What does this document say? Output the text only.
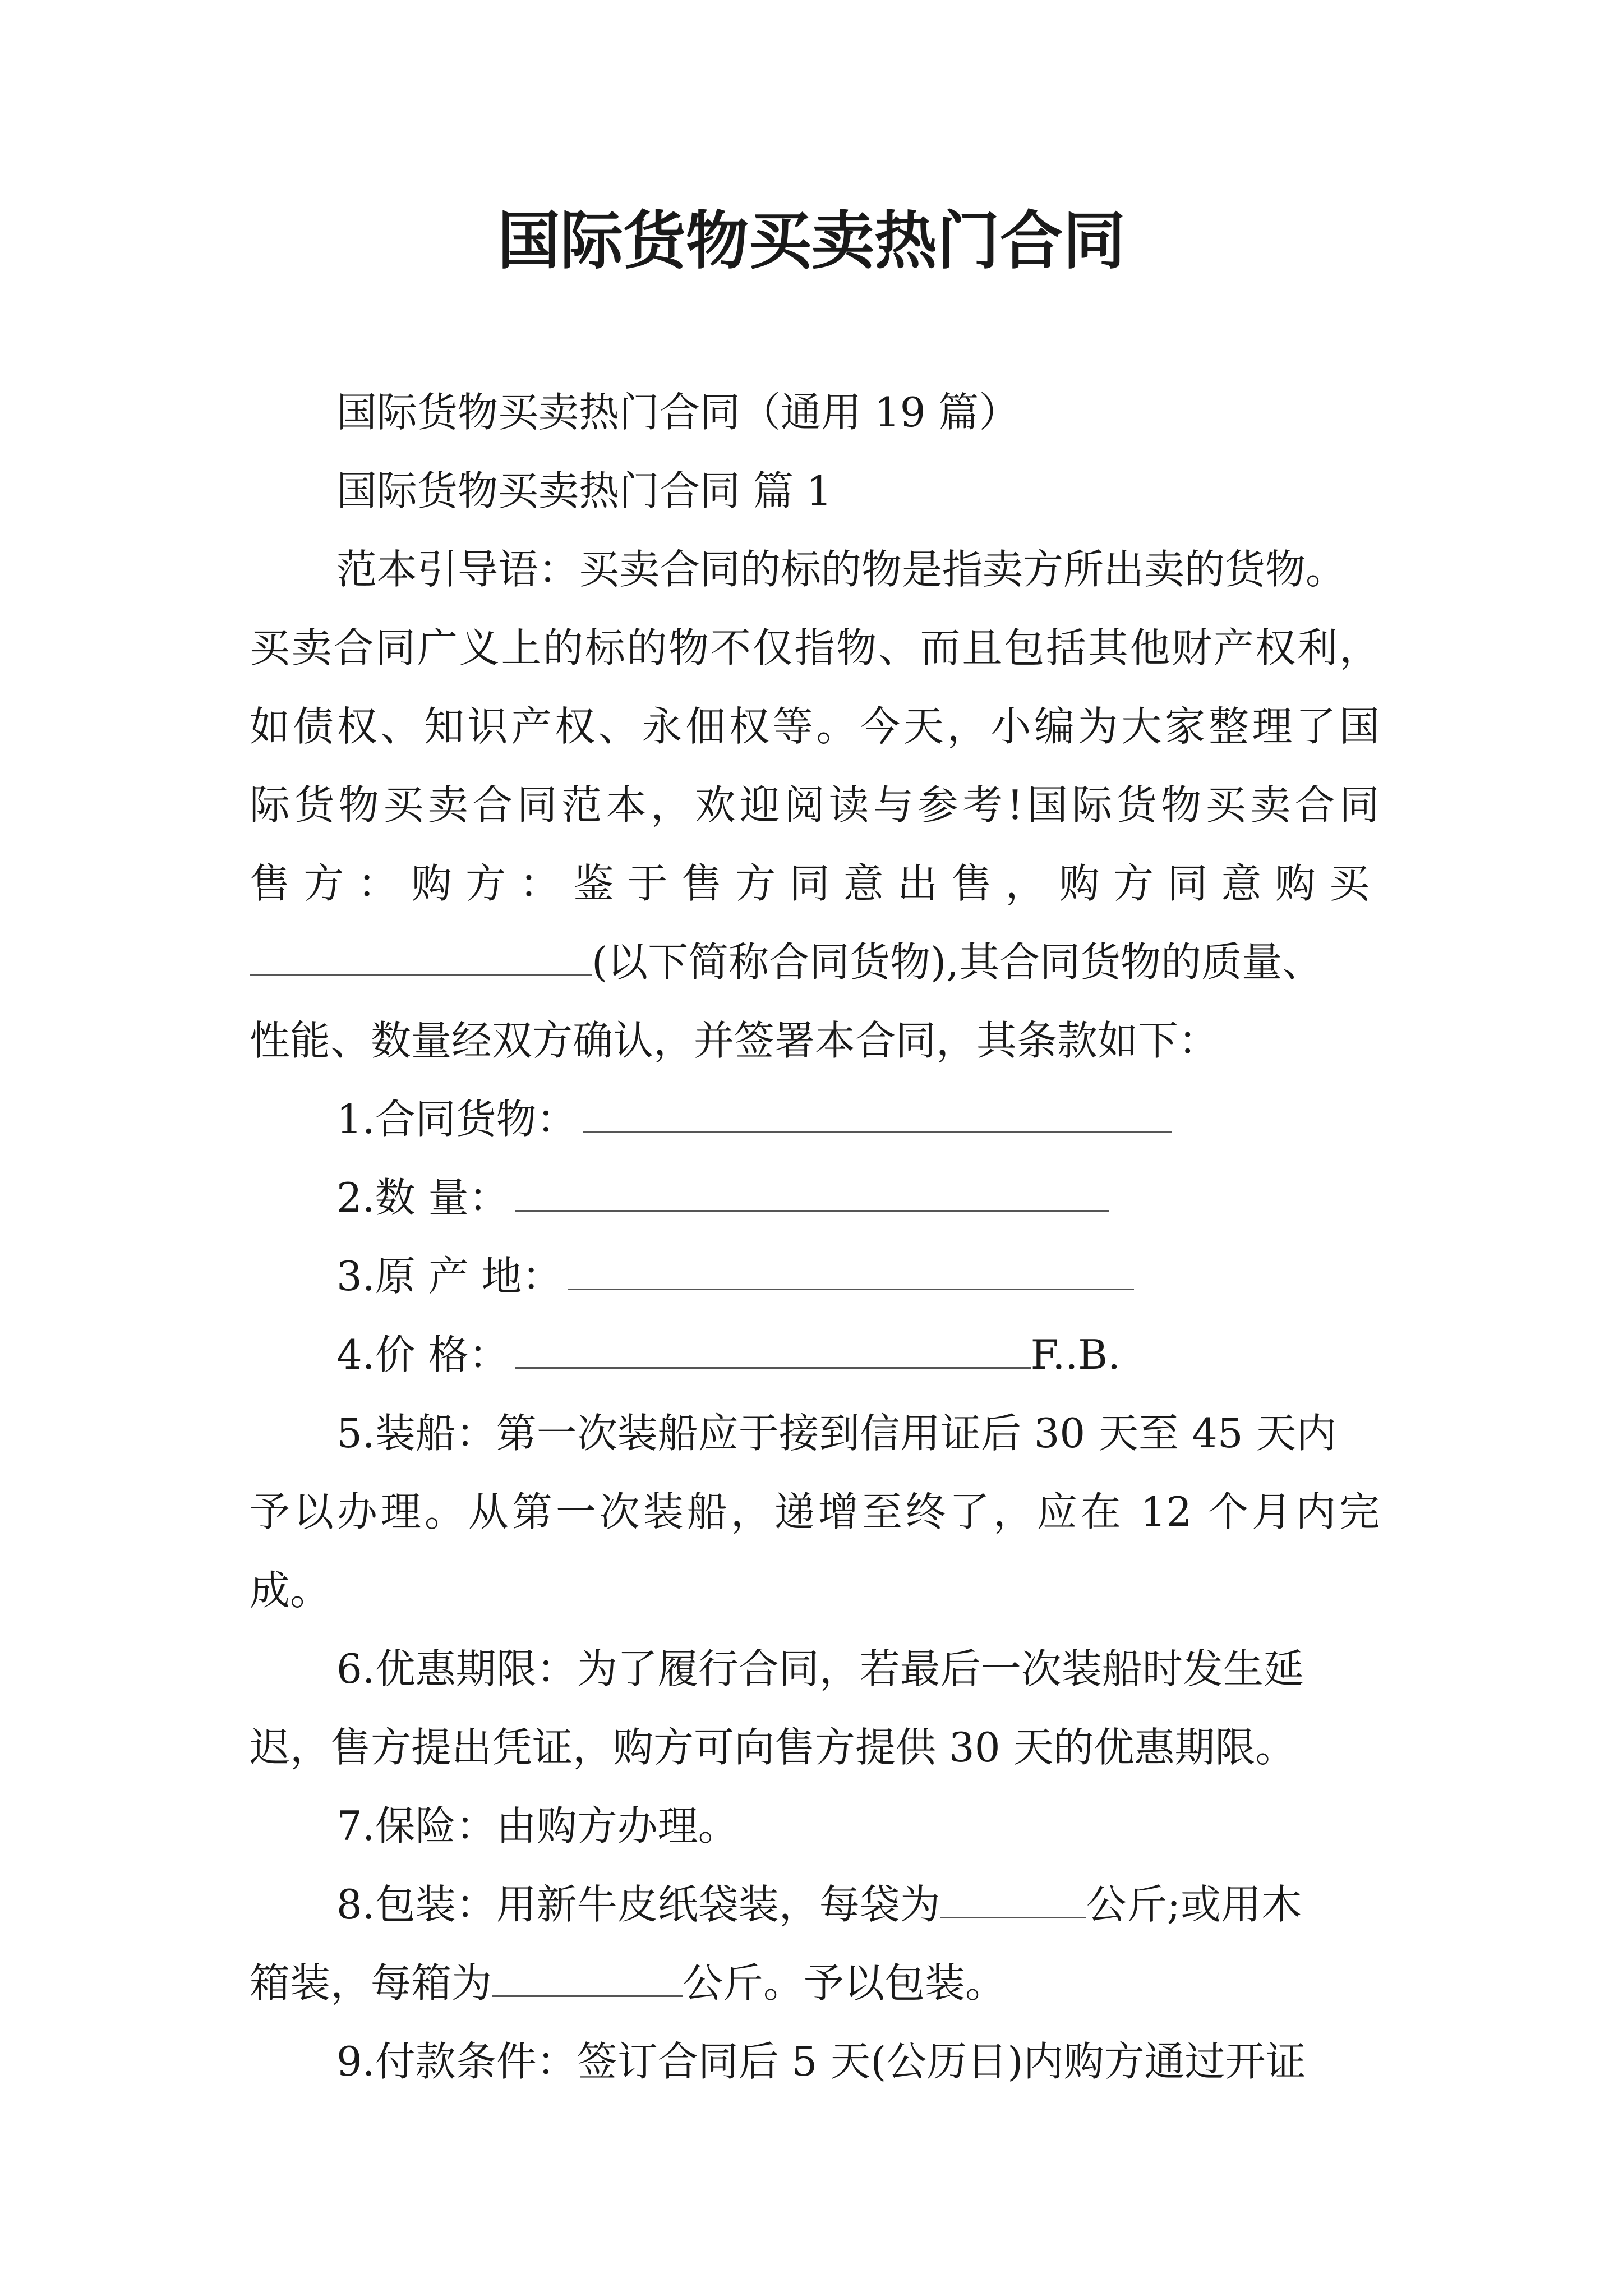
国际货物买卖热门合同
国际货物买卖热门合同（通用 19 篇）
国际货物买卖热门合同 篇 1
范本引导语：买卖合同的标的物是指卖方所出卖的货物。
买卖合同广义上的标的物不仅指物、而且包括其他财产权利，
如债权、知识产权、永佃权等。今天，小编为大家整理了国
际货物买卖合同范本，欢迎阅读与参考!国际货物买卖合同
售方：购方：鉴于售方同意出售，购方同意购买
(以下简称合同货物),其合同货物的质量、
性能、数量经双方确认，并签署本合同，其条款如下：
1.合同货物：
2.数 量：
3.原 产 地：
4.价 格：	F..B.
5.装船：第一次装船应于接到信用证后 30 天至 45 天内
予以办理。从第一次装船，递增至终了，应在 12 个月内完
成。
6.优惠期限：为了履行合同，若最后一次装船时发生延
迟，售方提出凭证，购方可向售方提供 30 天的优惠期限。
7.保险：由购方办理。
8.包装：用新牛皮纸袋装，每袋为	公斤;或用木
箱装，每箱为	公斤。予以包装。
9.付款条件：签订合同后 5 天(公历日)内购方通过开证
